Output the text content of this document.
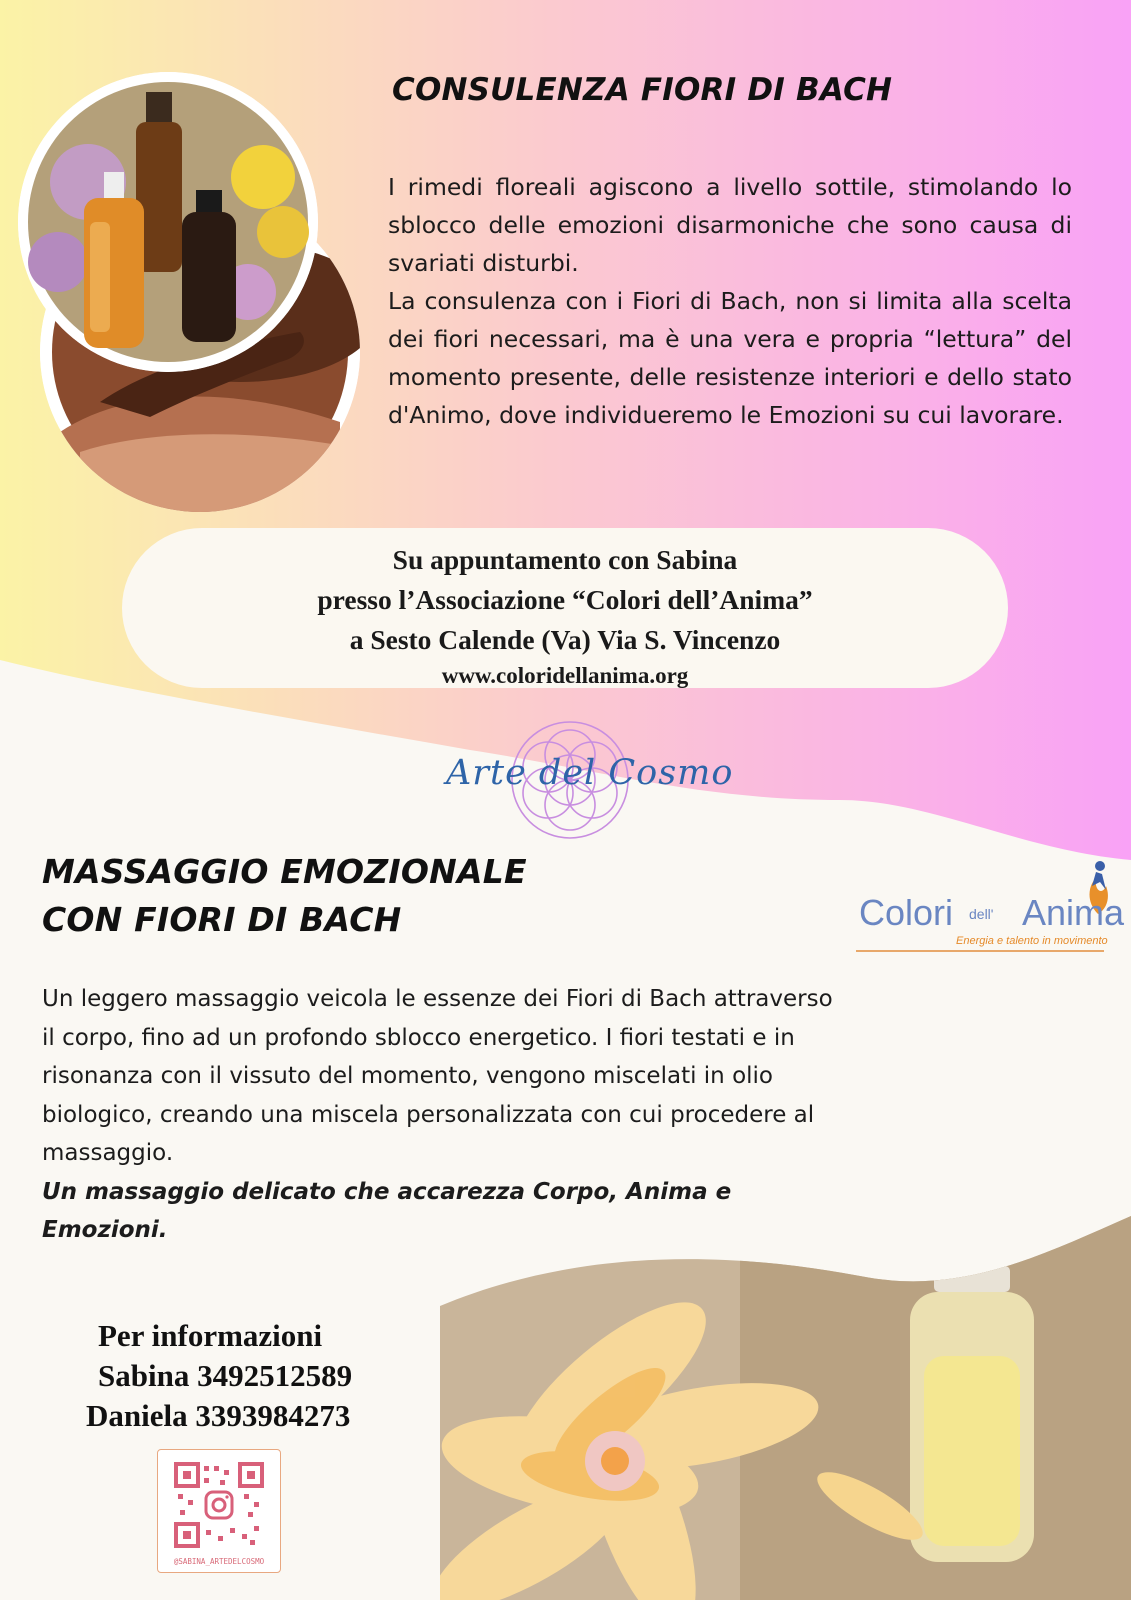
CONSULENZA FIORI DI BACH

I rimedi floreali agiscono a livello sottile, stimolando lo sblocco delle emozioni disarmoniche che sono causa di svariati disturbi.

La consulenza con i Fiori di Bach, non si limita alla scelta dei fiori necessari, ma è una vera e propria “lettura” del momento presente, delle resistenze interiori e dello stato d'Animo, dove individueremo le Emozioni su cui lavorare.

Su appuntamento con Sabina
presso l’Associazione “Colori dell’Anima”
a Sesto Calende (Va) Via S. Vincenzo
www.coloridellanima.org
Arte del Cosmo
MASSAGGIO EMOZIONALE
CON FIORI DI BACH	Colori dell' Anima
Energia e talento in movimento
Un leggero massaggio veicola le essenze dei Fiori di Bach attraverso il corpo, fino ad un profondo sblocco energetico. I fiori testati e in risonanza con il vissuto del momento, vengono miscelati in olio biologico, creando una miscela personalizzata con cui procedere al massaggio.
Un massaggio delicato che accarezza Corpo, Anima e Emozioni.
Per informazioni
Sabina 3492512589
Daniela 3393984273
@SABINA_ARTEDELCOSMO
